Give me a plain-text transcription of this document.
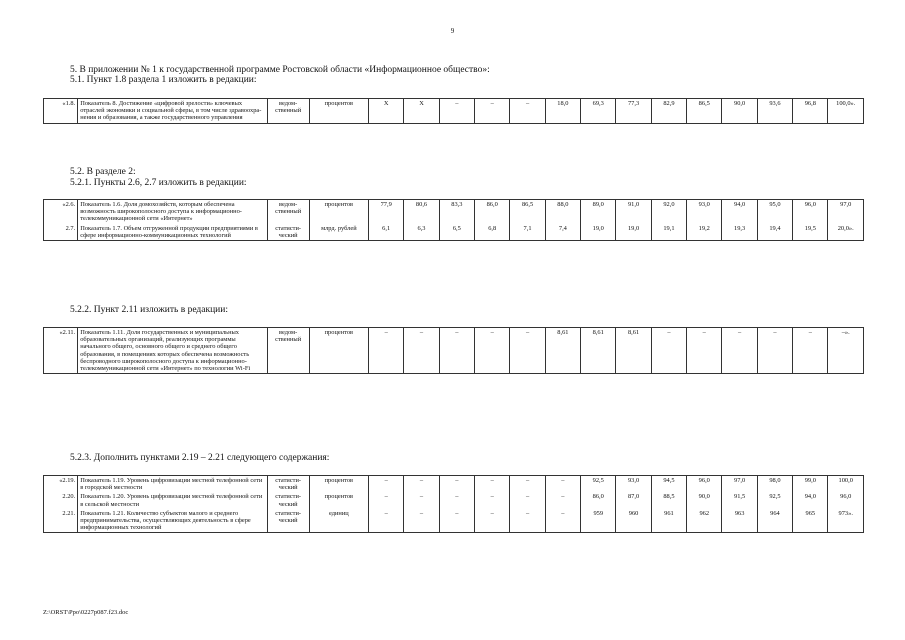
9
5. В приложении № 1 к государственной программе Ростовской области «Информационное общество»:
5.1. Пункт 1.8 раздела 1 изложить в редакции:
«1.8.	Показатель 8. Достижение «цифровой зрелости» ключевых отраслей экономики и социальной сферы, в том числе здравоохра-нения и образования, а также государственного управления	ведом-ственный	процентов	Х	Х	–	–	–	18,0	69,3	77,3	82,9	86,5	90,0	93,6	96,8	100,0».
5.2. В разделе 2:
5.2.1. Пункты 2.6, 2.7 изложить в редакции:
«2.6.	Показатель 1.6. Доля домохозяйств, которым обеспечена возможность широкополосного доступа к информационно-телекоммуникационной сети «Интернет»	ведом-ственный	процентов	77,9	80,6	83,3	86,0	86,5	88,0	89,0	91,0	92,0	93,0	94,0	95,0	96,0	97,0
2.7.	Показатель 1.7. Объем отгруженной продукции предприятиями в сфере информационно-коммуникационных технологий	статисти-ческий	млрд. рублей	6,1	6,3	6,5	6,8	7,1	7,4	19,0	19,0	19,1	19,2	19,3	19,4	19,5	20,0».
5.2.2. Пункт 2.11 изложить в редакции:
«2.11.	Показатель 1.11. Доля государственных и муниципальных образовательных организаций, реализующих программы начального общего, основного общего и среднего общего образования, в помещениях которых обеспечена возможность беспроводного широкополосного доступа к информационно-телекоммуникационной сети «Интернет» по технологии Wi-Fi	ведом-ственный	процентов	–	–	–	–	–	8,61	8,61	8,61	–	–	–	–	–	–».
5.2.3. Дополнить пунктами 2.19 – 2.21 следующего содержания:
«2.19.	Показатель 1.19. Уровень цифровизации местной телефонной сети в городской местности	статисти-ческий	процентов	–	–	–	–	–	–	92,5	93,0	94,5	96,0	97,0	98,0	99,0	100,0
2.20.	Показатель 1.20. Уровень цифровизации местной телефонной сети в сельской местности	статисти-ческий	процентов	–	–	–	–	–	–	86,0	87,0	88,5	90,0	91,5	92,5	94,0	96,0
2.21.	Показатель 1.21. Количество субъектов малого и среднего предпринимательства, осуществляющих деятельность в сфере информационных технологий	статисти-ческий	единиц	–	–	–	–	–	–	959	960	961	962	963	964	965	973».
Z:\ORST\Ppo\0227p087.f23.doc
